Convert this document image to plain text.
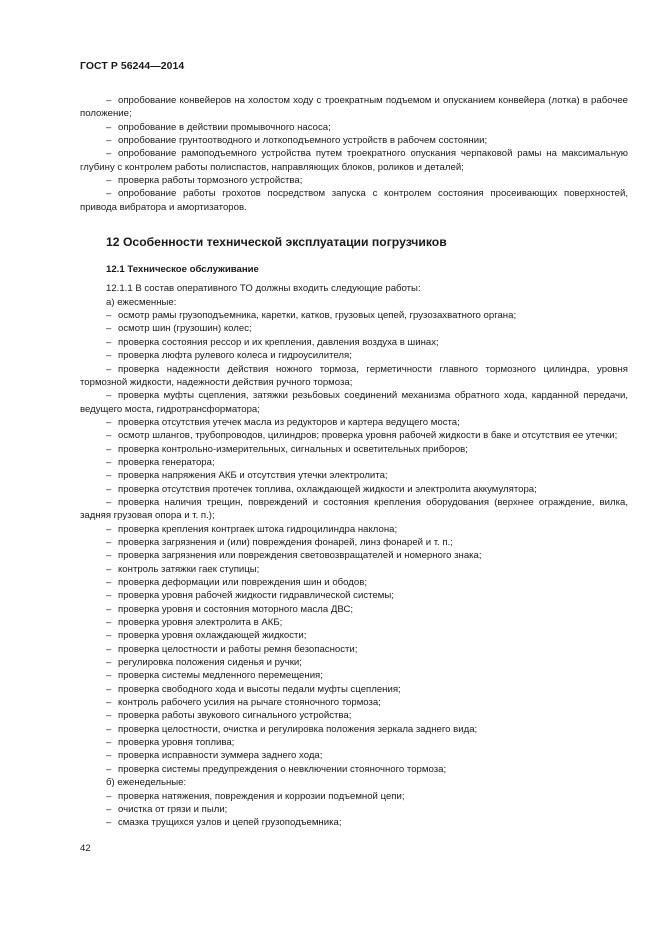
ГОСТ Р 56244—2014

–опробование конвейеров на холостом ходу с троекратным подъемом и опусканием конвейера (лотка) в рабочее положение;

–опробование в действии промывочного насоса;

–опробование грунтоотводного и лоткоподъемного устройств в рабочем состоянии;

–опробование рамоподъемного устройства путем троекратного опускания черпаковой рамы на максимальную глубину с контролем работы полиспастов, направляющих блоков, роликов и деталей;

–проверка работы тормозного устройства;

–опробование работы грохотов посредством запуска с контролем состояния просеивающих поверхностей, привода вибратора и амортизаторов.

12 Особенности технической эксплуатации погрузчиков

12.1 Техническое обслуживание

12.1.1 В состав оперативного ТО должны входить следующие работы:

а) ежесменные:

–осмотр рамы грузоподъемника, каретки, катков, грузовых цепей, грузозахватного органа;

–осмотр шин (грузошин) колес;

–проверка состояния рессор и их крепления, давления воздуха в шинах;

–проверка люфта рулевого колеса и гидроусилителя;

–проверка надежности действия ножного тормоза, герметичности главного тормозного цилиндра, уровня тормозной жидкости, надежности действия ручного тормоза;

–проверка муфты сцепления, затяжки резьбовых соединений механизма обратного хода, карданной передачи, ведущего моста, гидротрансформатора;

–проверка отсутствия утечек масла из редукторов и картера ведущего моста;

–осмотр шлангов, трубопроводов, цилиндров; проверка уровня рабочей жидкости в баке и отсутствия ее утечки;

–проверка контрольно-измерительных, сигнальных и осветительных приборов;

–проверка генератора;

–проверка напряжения АКБ и отсутствия утечки электролита;

–проверка отсутствия протечек топлива, охлаждающей жидкости и электролита аккумулятора;

–проверка наличия трещин, повреждений и состояния крепления оборудования (верхнее ограждение, вилка, задняя грузовая опора и т. п.);

–проверка крепления контргаек штока гидроцилиндра наклона;

–проверка загрязнения и (или) повреждения фонарей, линз фонарей и т. п.;

–проверка загрязнения или повреждения световозвращателей и номерного знака;

–контроль затяжки гаек ступицы;

–проверка деформации или повреждения шин и ободов;

–проверка уровня рабочей жидкости гидравлической системы;

–проверка уровня и состояния моторного масла ДВС;

–проверка уровня электролита в АКБ;

–проверка уровня охлаждающей жидкости;

–проверка целостности и работы ремня безопасности;

–регулировка положения сиденья и ручки;

–проверка системы медленного перемещения;

–проверка свободного хода и высоты педали муфты сцепления;

–контроль рабочего усилия на рычаге стояночного тормоза;

–проверка работы звукового сигнального устройства;

–проверка целостности, очистка и регулировка положения зеркала заднего вида;

–проверка уровня топлива;

–проверка исправности зуммера заднего хода;

–проверка системы предупреждения о невключении стояночного тормоза;

б) еженедельные:

–проверка натяжения, повреждения и коррозии подъемной цепи;

–очистка от грязи и пыли;

–смазка трущихся узлов и цепей грузоподъемника;

42
